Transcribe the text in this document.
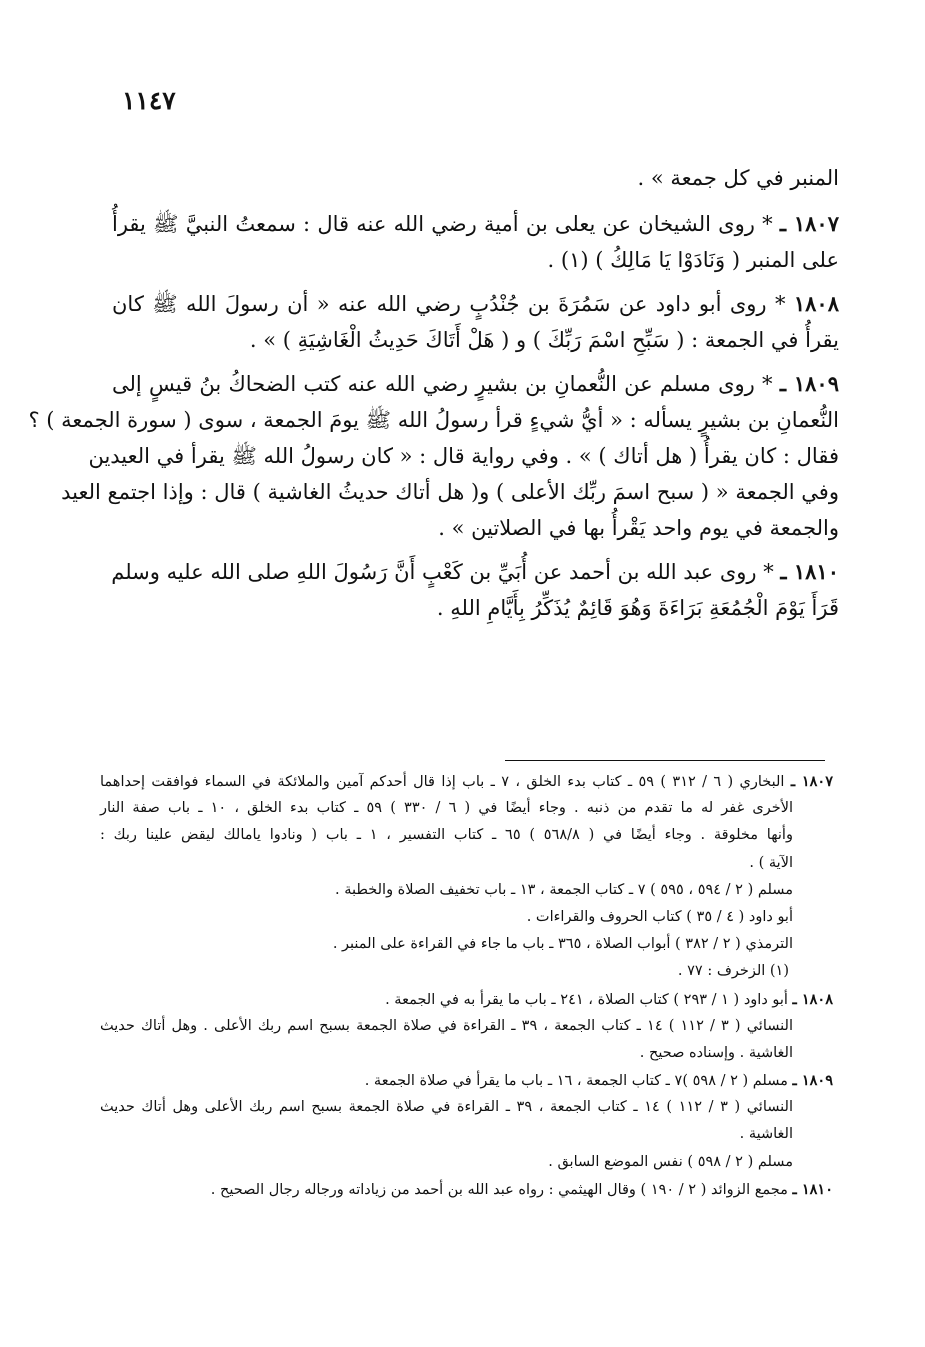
١١٤٧
المنبر في كل جمعة » .
١٨٠٧ ـ * روى الشيخان عن يعلى بن أمية رضي الله عنه قال : سمعتُ النبيَّ ﷺ يقرأُ
على المنبر ( وَنَادَوْا يَا مَالِكُ ) (١) .
١٨٠٨ * روى أبو داود عن سَمُرَةَ بن جُنْدُبٍ رضي الله عنه « أن رسولَ الله ﷺ كان
يقرأُ في الجمعة : ( سَبِّحِ اسْمَ رَبِّكَ ) و ( هَلْ أَتَاكَ حَدِيثُ الْغَاشِيَةِ ) » .
١٨٠٩ ـ * روى مسلم عن النُّعمانِ بن بشيرٍ رضي الله عنه كتب الضحاكُ بنُ قيسٍ إلى
النُّعمانِ بن بشيرٍ يسأله : « أيُّ شيءٍ قرأ رسولُ الله ﷺ يومَ الجمعة ، سوى ( سورة الجمعة ) ؟
فقال : كان يقرأُ ( هل أتاك ) » . وفي رواية قال : « كان رسولُ الله ﷺ يقرأ في العيدين
وفي الجمعة « ( سبح اسمَ ربِّك الأعلى ) و( هل أتاك حديثُ الغاشية ) قال : وإذا اجتمع العيد
والجمعة في يوم واحد يَقْرأُ بها في الصلاتين » .
١٨١٠ ـ * روى عبد الله بن أحمد عن أُبَيِّ بن كَعْبٍ أَنَّ رَسُولَ اللهِ صلى الله عليه وسلم
قَرَأَ يَوْمَ الْجُمُعَةِ بَرَاءَةَ وَهُوَ قَائِمٌ يُذَكِّرُ بِأَيَّامِ اللهِ .
١٨٠٧ ـ البخاري ( ٦ / ٣١٢ ) ٥٩ ـ كتاب بدء الخلق ، ٧ ـ باب إذا قال أحدكم آمين والملائكة في السماء فوافقت إحداهما
الأخرى غفر له ما تقدم من ذنبه . وجاء أيضًا في ( ٦ / ٣٣٠ ) ٥٩ ـ كتاب بدء الخلق ، ١٠ ـ باب صفة النار
وأنها مخلوقة . وجاء أيضًا في ( ٥٦٨/٨ ) ٦٥ ـ كتاب التفسير ، ١ ـ باب ( ونادوا يامالك ليقض علينا ربك :
الآية ) .
مسلم ( ٢ / ٥٩٤ ، ٥٩٥ ) ٧ ـ كتاب الجمعة ، ١٣ ـ باب تخفيف الصلاة والخطبة .
أبو داود ( ٤ / ٣٥ ) كتاب الحروف والقراءات .
الترمذي ( ٢ / ٣٨٢ ) أبواب الصلاة ، ٣٦٥ ـ باب ما جاء في القراءة على المنبر .
(١) الزخرف : ٧٧ .
١٨٠٨ ـ أبو داود ( ١ / ٢٩٣ ) كتاب الصلاة ، ٢٤١ ـ باب ما يقرأ به في الجمعة .
النسائي ( ٣ / ١١٢ ) ١٤ ـ كتاب الجمعة ، ٣٩ ـ القراءة في صلاة الجمعة بسبح اسم ربك الأعلى . وهل أتاك حديث
الغاشية . وإسناده صحيح .
١٨٠٩ ـ مسلم ( ٢ / ٥٩٨ )٧ ـ كتاب الجمعة ، ١٦ ـ باب ما يقرأ في صلاة الجمعة .
النسائي ( ٣ / ١١٢ ) ١٤ ـ كتاب الجمعة ، ٣٩ ـ القراءة في صلاة الجمعة بسبح اسم ربك الأعلى وهل أتاك حديث
الغاشية .
مسلم ( ٢ / ٥٩٨ ) نفس الموضع السابق .
١٨١٠ ـ مجمع الزوائد ( ٢ / ١٩٠ ) وقال الهيثمي : رواه عبد الله بن أحمد من زياداته ورجاله رجال الصحيح .
